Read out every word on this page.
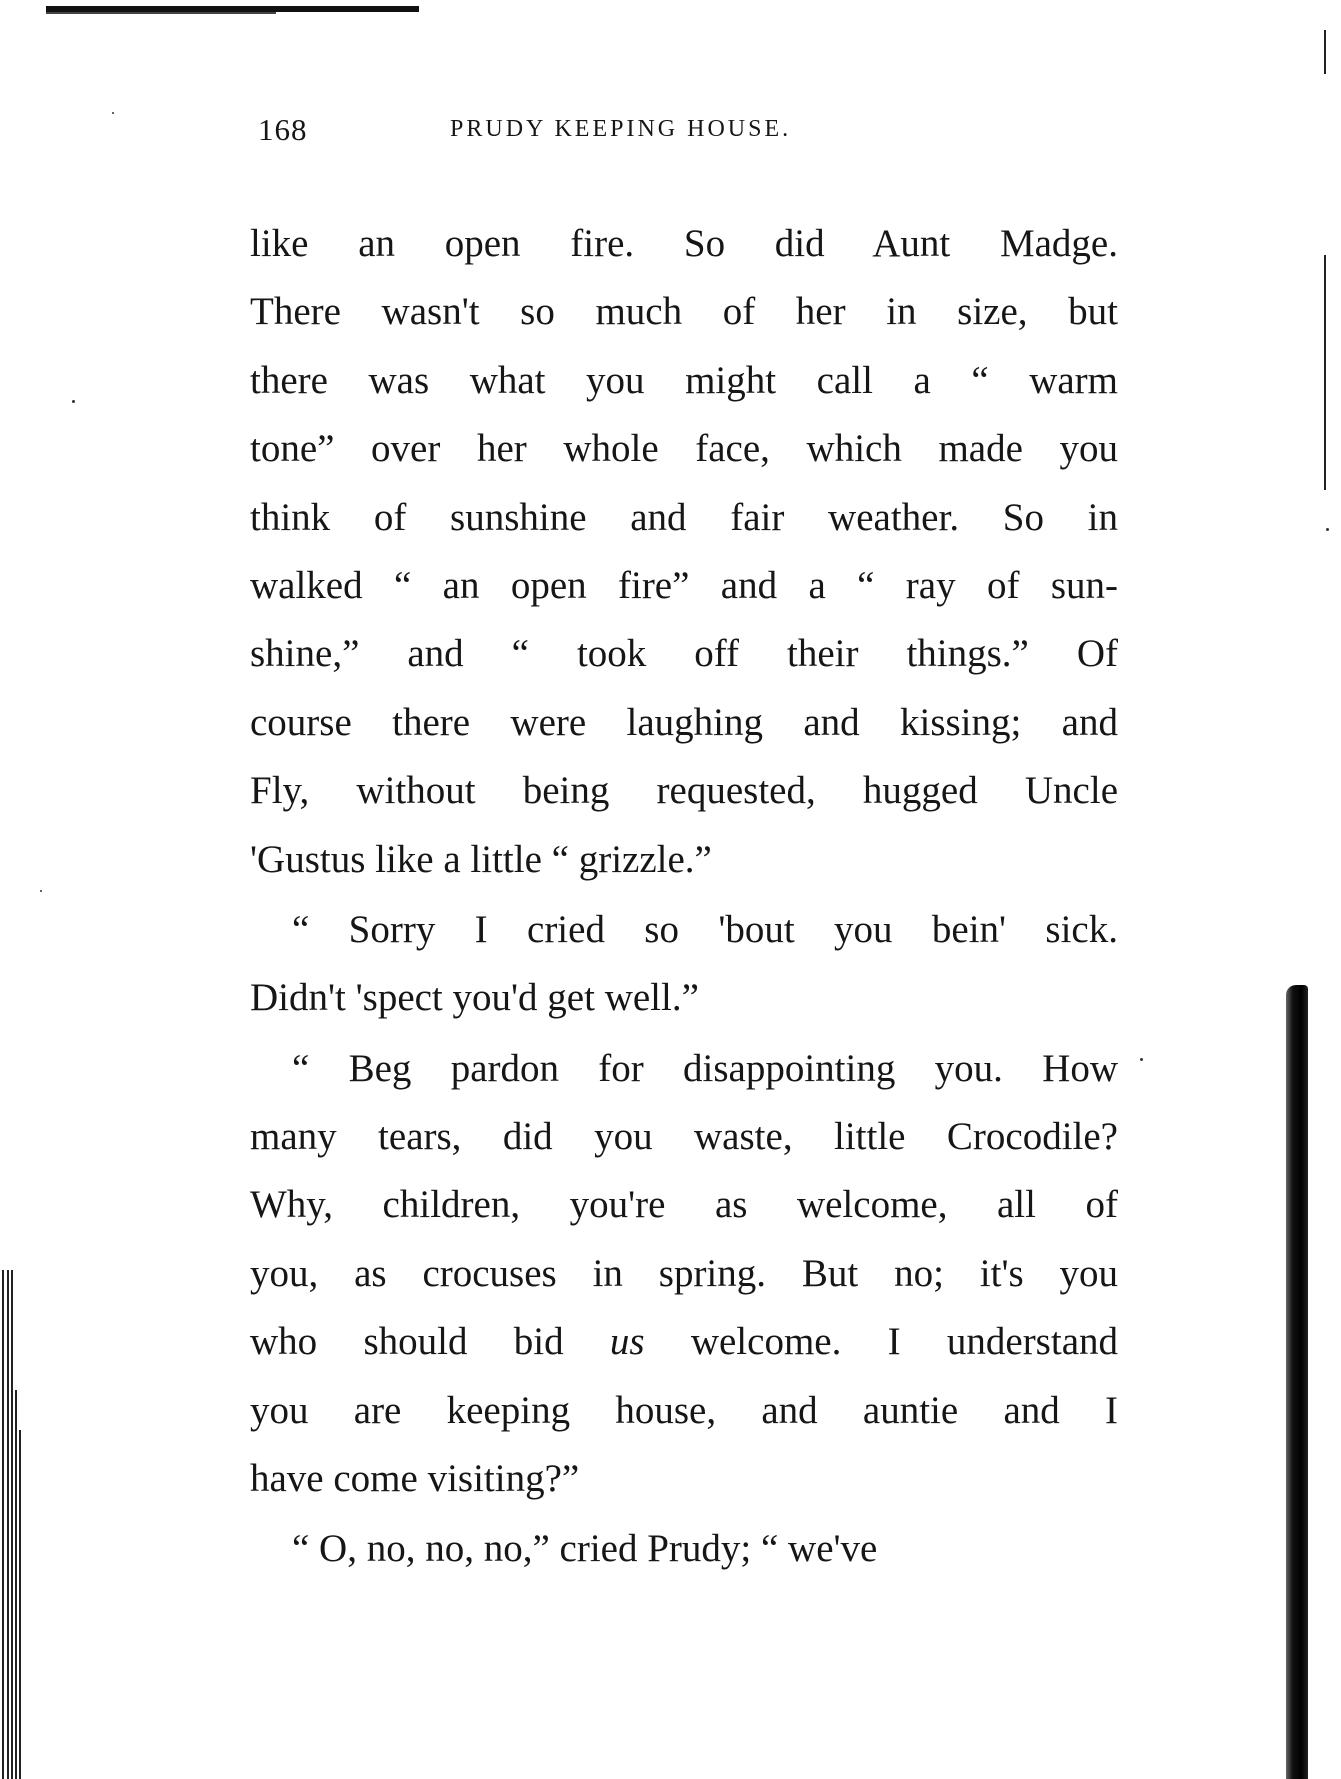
168	PRUDY KEEPING HOUSE.
like an open fire. So did Aunt Madge.
There wasn't so much of her in size, but
there was what you might call a “ warm
tone” over her whole face, which made you
think of sunshine and fair weather. So in
walked “ an open fire” and a “ ray of sun-
shine,” and “ took off their things.” Of
course there were laughing and kissing; and
Fly, without being requested, hugged Uncle
'Gustus like a little “ grizzle.”
“ Sorry I cried so 'bout you bein' sick.
Didn't 'spect you'd get well.”
“ Beg pardon for disappointing you. How
many tears, did you waste, little Crocodile?
Why, children, you're as welcome, all of
you, as crocuses in spring. But no; it's you
who should bid us welcome. I understand
you are keeping house, and auntie and I
have come visiting?”
“ O, no, no, no,” cried Prudy; “ we've
